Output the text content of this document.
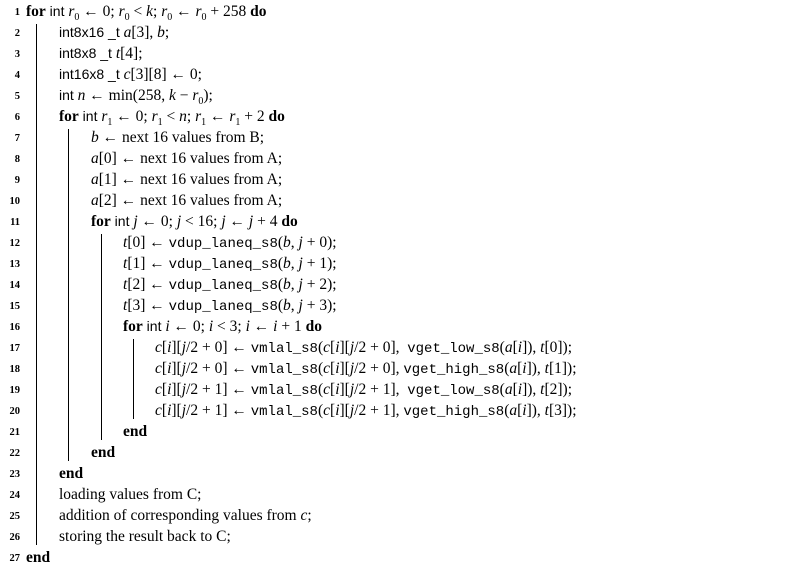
1 for int $r_0$ ← 0; $r_0 < k$; $r_0$ ← $r_0 + 258$ do
2	int8x16 _t a[3], b;
3	int8x8 _t t[4];
4	int16x8 _t c[3][8] ← 0;
5	int n ← min(258, $k - r_0$);
6	for int $r_1$ ← 0; $r_1 < n$; $r_1$ ← $r_1 + 2$ do
7	b ← next 16 values from B;
8	a[0] ← next 16 values from A;
9	a[1] ← next 16 values from A;
10	a[2] ← next 16 values from A;
11	for int j ← 0; j < 16; j ← j + 4 do
12	t[0] ← vdup_laneq_s8(b, j + 0);
13	t[1] ← vdup_laneq_s8(b, j + 1);
14	t[2] ← vdup_laneq_s8(b, j + 2);
15	t[3] ← vdup_laneq_s8(b, j + 3);
16	for int i ← 0; i < 3; i ← i + 1 do
17	c[i][j/2 + 0] ← vmlal_s8(c[i][j/2 + 0],  vget_low_s8(a[i]), t[0]);
18	c[i][j/2 + 0] ← vmlal_s8(c[i][j/2 + 0], vget_high_s8(a[i]), t[1]);
19	c[i][j/2 + 1] ← vmlal_s8(c[i][j/2 + 1],  vget_low_s8(a[i]), t[2]);
20	c[i][j/2 + 1] ← vmlal_s8(c[i][j/2 + 1], vget_high_s8(a[i]), t[3]);
21	end
22	end
23	end
24	loading values from C;
25	addition of corresponding values from c;
26	storing the result back to C;
27 end
